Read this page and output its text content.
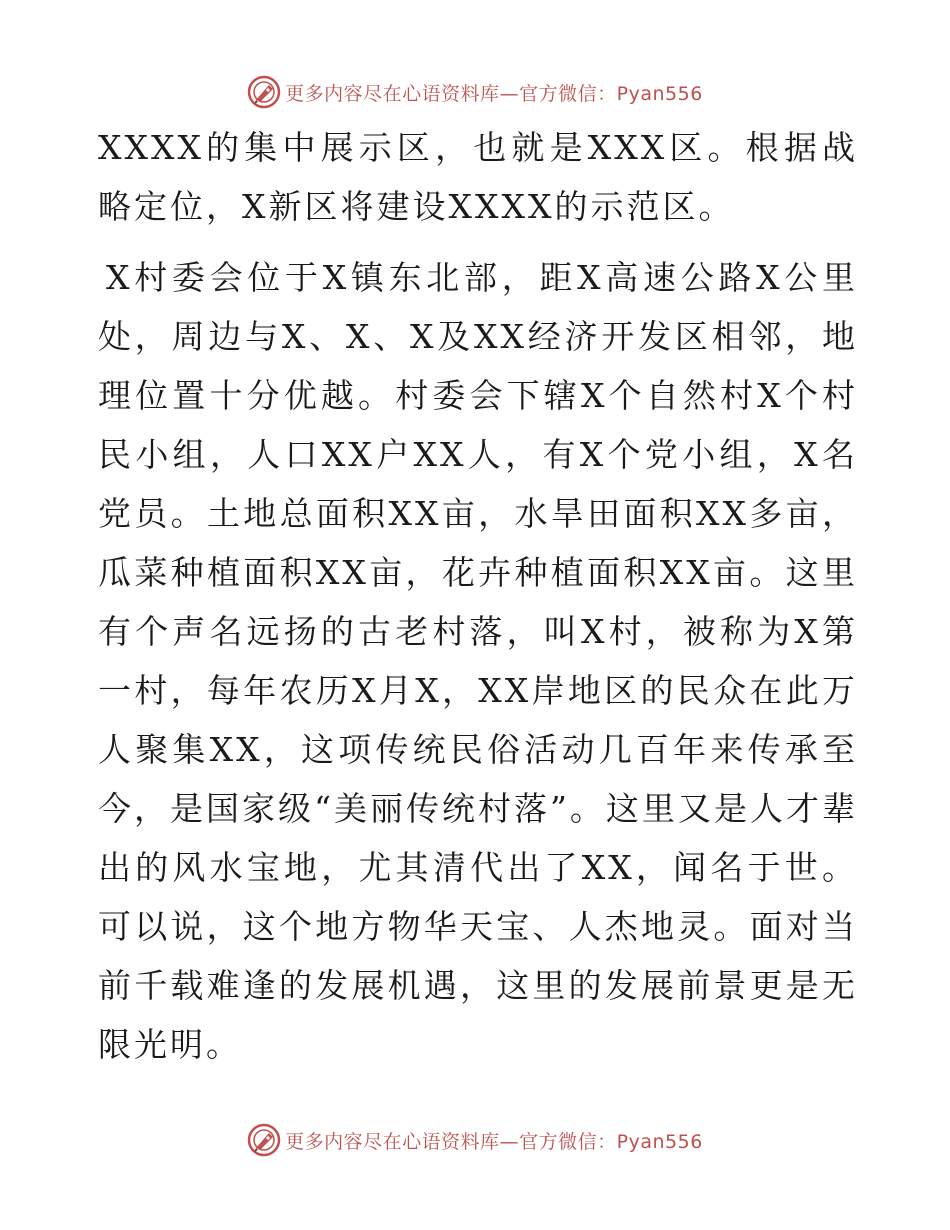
更多内容尽在心语资料库—官方微信：Pyan556

XXXX的集中展示区，也就是XXX区。根据战略定位，X新区将建设XXXX的示范区。

X村委会位于X镇东北部，距X高速公路X公里处，周边与X、X、X及XX经济开发区相邻，地理位置十分优越。村委会下辖X个自然村X个村民小组，人口XX户XX人，有X个党小组，X名党员。土地总面积XX亩，水旱田面积XX多亩，瓜菜种植面积XX亩，花卉种植面积XX亩。这里有个声名远扬的古老村落，叫X村，被称为X第一村，每年农历X月X，XX岸地区的民众在此万人聚集XX，这项传统民俗活动几百年来传承至今，是国家级“美丽传统村落”。这里又是人才辈出的风水宝地，尤其清代出了XX，闻名于世。可以说，这个地方物华天宝、人杰地灵。面对当前千载难逢的发展机遇，这里的发展前景更是无限光明。

更多内容尽在心语资料库—官方微信：Pyan556
